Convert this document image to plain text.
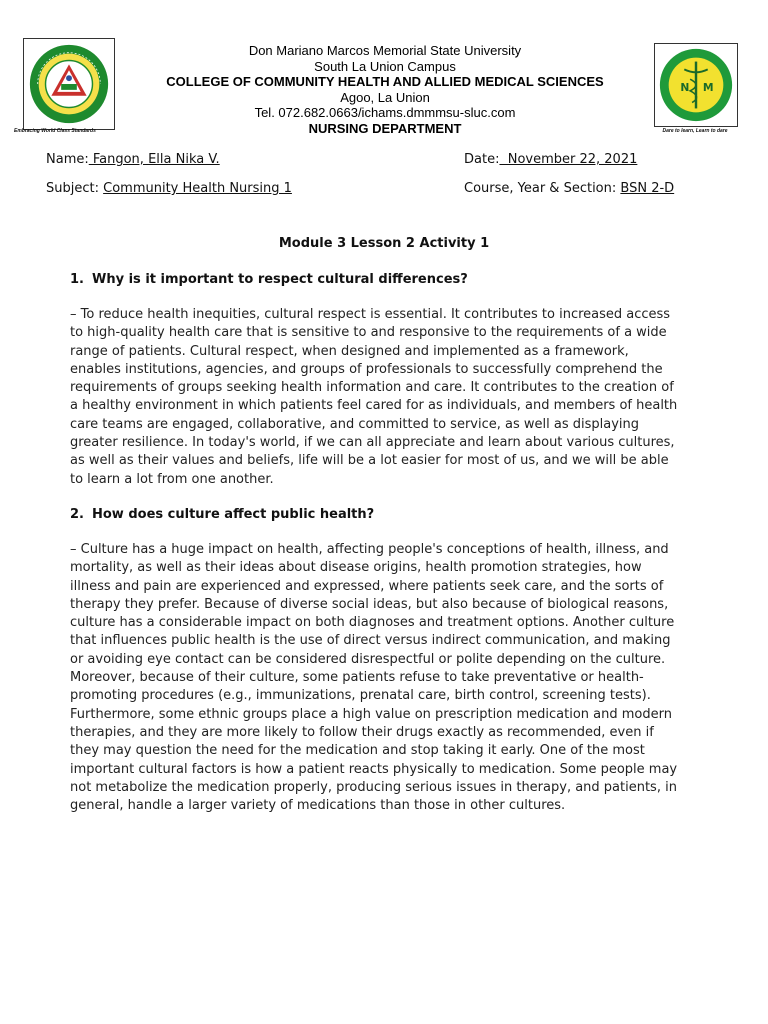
Embracing World Class Standards
Don Mariano Marcos Memorial State University
South La Union Campus
COLLEGE OF COMMUNITY HEALTH AND ALLIED MEDICAL SCIENCES
Agoo, La Union
Tel. 072.682.0663/ichams.dmmmsu-sluc.com
NURSING DEPARTMENT
N M
Dare to learn, Learn to dare
Name: Fangon, Ella Nika V.	Date:  November 22, 2021
Subject: Community Health Nursing 1	Course, Year & Section: BSN 2-D
Module 3 Lesson 2 Activity 1
1. Why is it important to respect cultural differences?
– To reduce health inequities, cultural respect is essential. It contributes to increased access
to high-quality health care that is sensitive to and responsive to the requirements of a wide
range of patients. Cultural respect, when designed and implemented as a framework,
enables institutions, agencies, and groups of professionals to successfully comprehend the
requirements of groups seeking health information and care. It contributes to the creation of
a healthy environment in which patients feel cared for as individuals, and members of health
care teams are engaged, collaborative, and committed to service, as well as displaying
greater resilience. In today's world, if we can all appreciate and learn about various cultures,
as well as their values and beliefs, life will be a lot easier for most of us, and we will be able
to learn a lot from one another.
2. How does culture affect public health?
– Culture has a huge impact on health, affecting people's conceptions of health, illness, and
mortality, as well as their ideas about disease origins, health promotion strategies, how
illness and pain are experienced and expressed, where patients seek care, and the sorts of
therapy they prefer. Because of diverse social ideas, but also because of biological reasons,
culture has a considerable impact on both diagnoses and treatment options. Another culture
that influences public health is the use of direct versus indirect communication, and making
or avoiding eye contact can be considered disrespectful or polite depending on the culture.
Moreover, because of their culture, some patients refuse to take preventative or health-
promoting procedures (e.g., immunizations, prenatal care, birth control, screening tests).
Furthermore, some ethnic groups place a high value on prescription medication and modern
therapies, and they are more likely to follow their drugs exactly as recommended, even if
they may question the need for the medication and stop taking it early. One of the most
important cultural factors is how a patient reacts physically to medication. Some people may
not metabolize the medication properly, producing serious issues in therapy, and patients, in
general, handle a larger variety of medications than those in other cultures.
